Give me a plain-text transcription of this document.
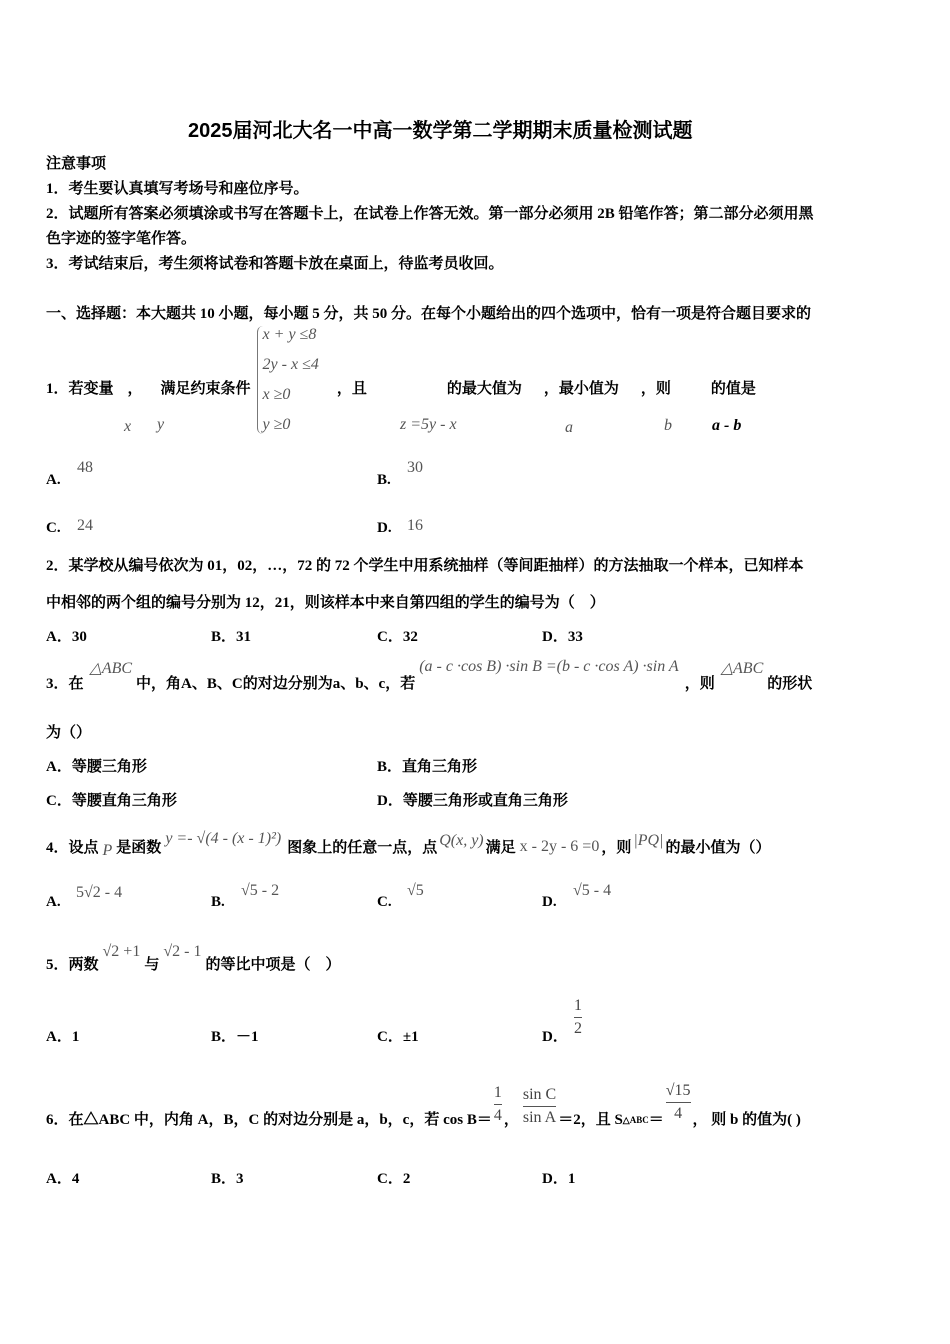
2025届河北大名一中高一数学第二学期期末质量检测试题
注意事项
1．考生要认真填写考场号和座位序号。
2．试题所有答案必须填涂或书写在答题卡上，在试卷上作答无效。第一部分必须用 2B 铅笔作答；第二部分必须用黑
色字迹的签字笔作答。
3．考试结束后，考生须将试卷和答题卡放在桌面上，待监考员收回。
一、选择题：本大题共 10 小题，每小题 5 分，共 50 分。在每个小题给出的四个选项中，恰有一项是符合题目要求的
1．若变量 ， 满足约束条件
x + y ≤8
2y - x ≤4
x ≥0
y ≥0
，且	的最大值为 ，最小值为 ，则	的值是
x y	z =5y - x	a	b	a - b
A.
48
B.
30
C. 24	D. 16
2．某学校从编号依次为 01，02，…，72 的 72 个学生中用系统抽样（等间距抽样）的方法抽取一个样本，已知样本
中相邻的两个组的编号分别为 12，21，则该样本中来自第四组的学生的编号为（　）
A．30	B．31	C．32	D．33
3．在
△ABC
中，角A、B、C的对边分别为a、b、c，若
(a - c ·cos B) ·sin B =(b - c ·cos A) ·sin A
，则
△ABC
的形状
为（）
A．等腰三角形	B．直角三角形
C．等腰直角三角形	D．等腰三角形或直角三角形
4．设点 P 是函数
y =- √(4 - (x - 1)²)
图象上的任意一点，点 Q(x, y) 满足 x - 2y - 6 =0 ，则 |PQ| 的最小值为（）
A.
5√2 - 4
B.
√5 - 2
C.
√5
D.
√5 - 4
5．两数
√2 +1
与
√2 - 1
的等比中项是（　）
A．1	B．－1	C．±1	D．
1
2
6．在△ABC 中，内角 A，B，C 的对边分别是 a，b，c，若 $\cos B= \frac{1}{4}$ ， $\frac{\text{sin C}}{\text{sin A}} =2$，且 S △ABC ＝ $\frac{√15}{4}$ ， 则 b 的值为( )
A．4	B．3	C．2	D．1
